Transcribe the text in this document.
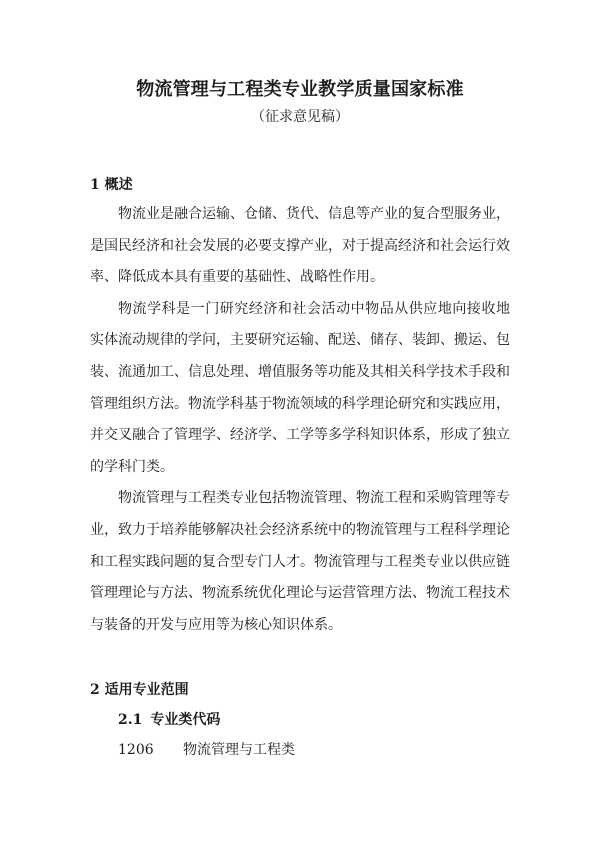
物流管理与工程类专业教学质量国家标准
（征求意见稿）
1 概述
物流业是融合运输、仓储、货代、信息等产业的复合型服务业，
是国民经济和社会发展的必要支撑产业，对于提高经济和社会运行效
率、降低成本具有重要的基础性、战略性作用。
物流学科是一门研究经济和社会活动中物品从供应地向接收地
实体流动规律的学问，主要研究运输、配送、储存、装卸、搬运、包
装、流通加工、信息处理、增值服务等功能及其相关科学技术手段和
管理组织方法。物流学科基于物流领域的科学理论研究和实践应用，
并交叉融合了管理学、经济学、工学等多学科知识体系，形成了独立
的学科门类。
物流管理与工程类专业包括物流管理、物流工程和采购管理等专
业，致力于培养能够解决社会经济系统中的物流管理与工程科学理论
和工程实践问题的复合型专门人才。物流管理与工程类专业以供应链
管理理论与方法、物流系统优化理论与运营管理方法、物流工程技术
与装备的开发与应用等为核心知识体系。
2 适用专业范围
2.1 专业类代码
1206 物流管理与工程类
